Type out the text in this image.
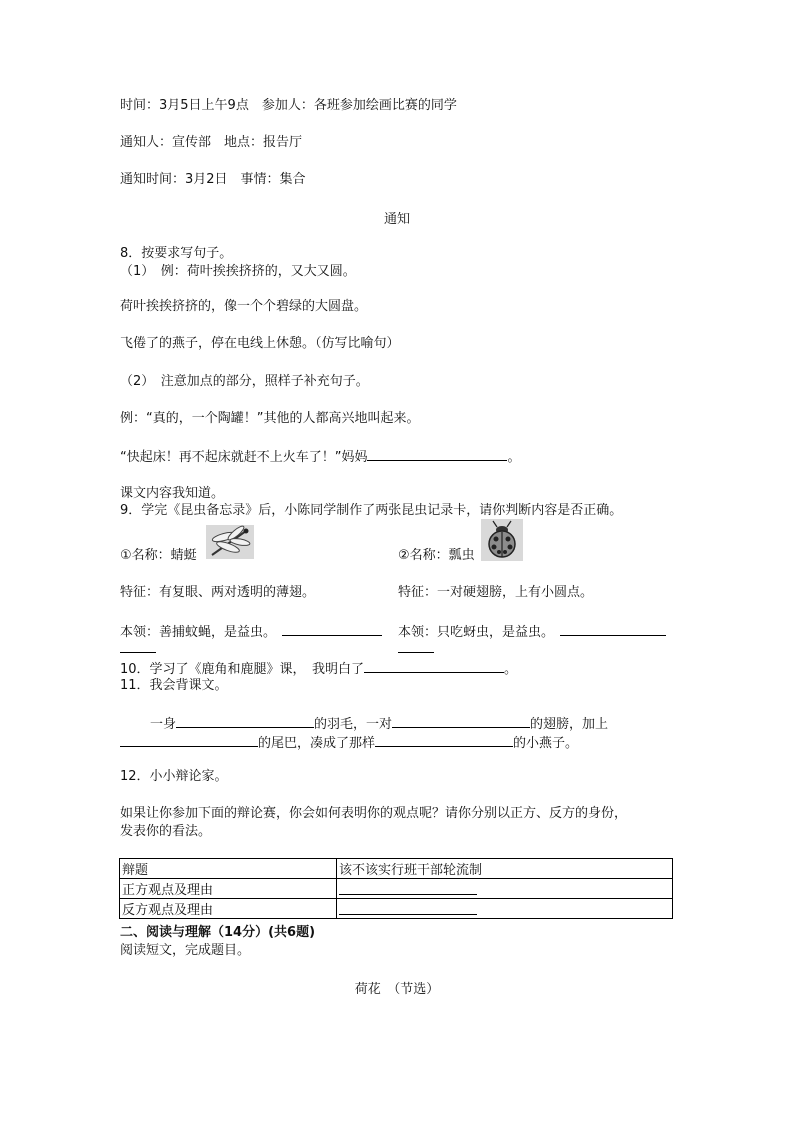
时间：3月5日上午9点　参加人：各班参加绘画比赛的同学
通知人：宣传部　地点：报告厅
通知时间：3月2日　事情：集合
通知
8．按要求写句子。
（1）　例：荷叶挨挨挤挤的，又大又圆。
荷叶挨挨挤挤的，像一个个碧绿的大圆盘。
飞倦了的燕子，停在电线上休憩。（仿写比喻句）
（2）　注意加点的部分，照样子补充句子。
例：“真的，一个陶罐！”其他的人都高兴地叫起来。
“快起床！再不起床就赶不上火车了！”妈妈	。
课文内容我知道。
9．学完《昆虫备忘录》后，小陈同学制作了两张昆虫记录卡，请你判断内容是否正确。
①名称：蜻蜓	②名称：瓢虫
特征：有复眼、两对透明的薄翅。	特征：一对硬翅膀，上有小圆点。
本领：善捕蚊蝇，是益虫。	本领：只吃蚜虫，是益虫。
10．学习了《鹿角和鹿腿》课，　我明白了	。
11．我会背课文。
一身	的羽毛，一对	的翅膀，加上
的尾巴，凑成了那样	的小燕子。
12．小小辩论家。
如果让你参加下面的辩论赛，你会如何表明你的观点呢？请你分别以正方、反方的身份，
发表你的看法。
辩题	该不该实行班干部轮流制
正方观点及理由	

反方观点及理由	
二、阅读与理解（14分）(共6题)
阅读短文，完成题目。
荷花　（节选）
